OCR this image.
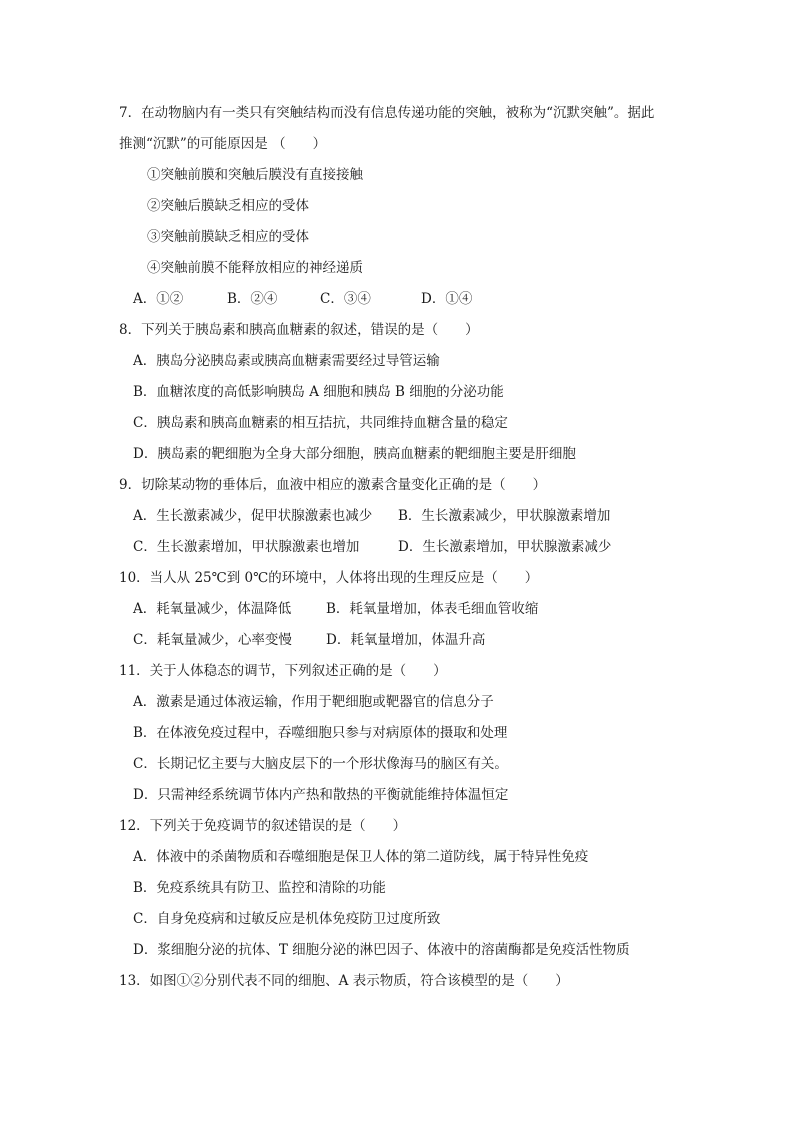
7．在动物脑内有一类只有突触结构而没有信息传递功能的突触，被称为“沉默突触”。据此
推测“沉默”的可能原因是 （　　）
①突触前膜和突触后膜没有直接接触
②突触后膜缺乏相应的受体
③突触前膜缺乏相应的受体
④突触前膜不能释放相应的神经递质
A．①②	B．②④	C．③④	D．①④
8．下列关于胰岛素和胰高血糖素的叙述，错误的是（　　）
A．胰岛分泌胰岛素或胰高血糖素需要经过导管运输
B．血糖浓度的高低影响胰岛 A 细胞和胰岛 B 细胞的分泌功能
C．胰岛素和胰高血糖素的相互拮抗，共同维持血糖含量的稳定
D．胰岛素的靶细胞为全身大部分细胞，胰高血糖素的靶细胞主要是肝细胞
9．切除某动物的垂体后，血液中相应的激素含量变化正确的是（　　）
A．生长激素减少，促甲状腺激素也减少 B．生长激素减少，甲状腺激素增加
C．生长激素增加，甲状腺激素也增加	D．生长激素增加，甲状腺激素减少
10．当人从 25℃到 0℃的环境中，人体将出现的生理反应是（　　）
A．耗氧量减少，体温降低	B．耗氧量增加，体表毛细血管收缩
C．耗氧量减少，心率变慢	D．耗氧量增加，体温升高
11．关于人体稳态的调节，下列叙述正确的是（　　）
A．激素是通过体液运输，作用于靶细胞或靶器官的信息分子
B．在体液免疫过程中，吞噬细胞只参与对病原体的摄取和处理
C．长期记忆主要与大脑皮层下的一个形状像海马的脑区有关。
D．只需神经系统调节体内产热和散热的平衡就能维持体温恒定
12．下列关于免疫调节的叙述错误的是（　　）
A．体液中的杀菌物质和吞噬细胞是保卫人体的第二道防线，属于特异性免疫
B．免疫系统具有防卫、监控和清除的功能
C．自身免疫病和过敏反应是机体免疫防卫过度所致
D．浆细胞分泌的抗体、T 细胞分泌的淋巴因子、体液中的溶菌酶都是免疫活性物质
13．如图①②分别代表不同的细胞、A 表示物质，符合该模型的是（　　）
